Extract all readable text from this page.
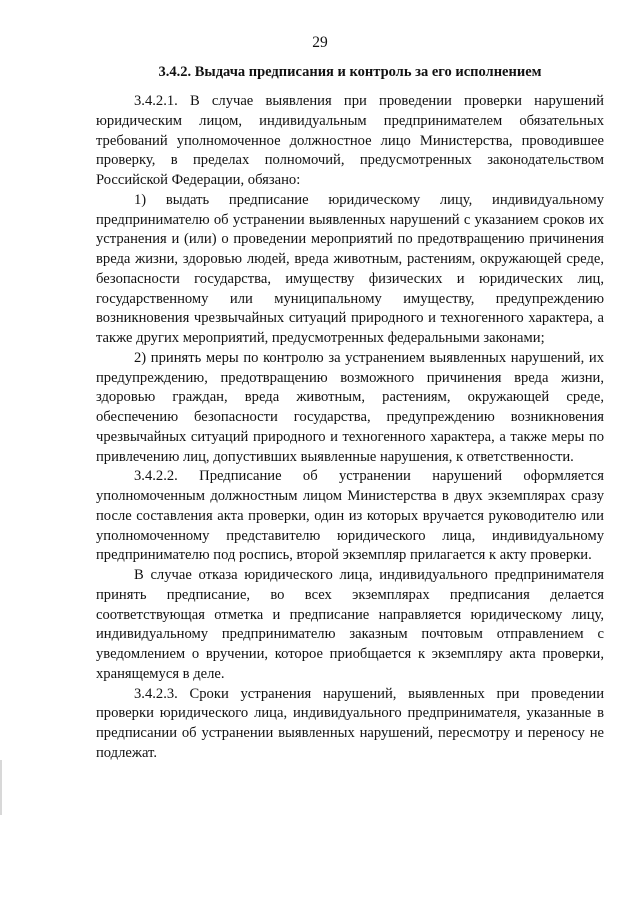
29
3.4.2. Выдача предписания и контроль за его исполнением

3.4.2.1. В случае выявления при проведении проверки нарушений юридическим лицом, индивидуальным предпринимателем обязательных требований уполномоченное должностное лицо Министерства, проводившее проверку, в пределах полномочий, предусмотренных законодательством Российской Федерации, обязано:

1) выдать предписание юридическому лицу, индивидуальному предпринимателю об устранении выявленных нарушений с указанием сроков их устранения и (или) о проведении мероприятий по предотвращению причинения вреда жизни, здоровью людей, вреда животным, растениям, окружающей среде, безопасности государства, имуществу физических и юридических лиц, государственному или муниципальному имуществу, предупреждению возникновения чрезвычайных ситуаций природного и техногенного характера, а также других мероприятий, предусмотренных федеральными законами;

2) принять меры по контролю за устранением выявленных нарушений, их предупреждению, предотвращению возможного причинения вреда жизни, здоровью граждан, вреда животным, растениям, окружающей среде, обеспечению безопасности государства, предупреждению возникновения чрезвычайных ситуаций природного и техногенного характера, а также меры по привлечению лиц, допустивших выявленные нарушения, к ответственности.

3.4.2.2. Предписание об устранении нарушений оформляется уполномоченным должностным лицом Министерства в двух экземплярах сразу после составления акта проверки, один из которых вручается руководителю или уполномоченному представителю юридического лица, индивидуальному предпринимателю под роспись, второй экземпляр прилагается к акту проверки.

В случае отказа юридического лица, индивидуального предпринимателя принять предписание, во всех экземплярах предписания делается соответствующая отметка и предписание направляется юридическому лицу, индивидуальному предпринимателю заказным почтовым отправлением с уведомлением о вручении, которое приобщается к экземпляру акта проверки, хранящемуся в деле.

3.4.2.3. Сроки устранения нарушений, выявленных при проведении проверки юридического лица, индивидуального предпринимателя, указанные в предписании об устранении выявленных нарушений, пересмотру и переносу не подлежат.
